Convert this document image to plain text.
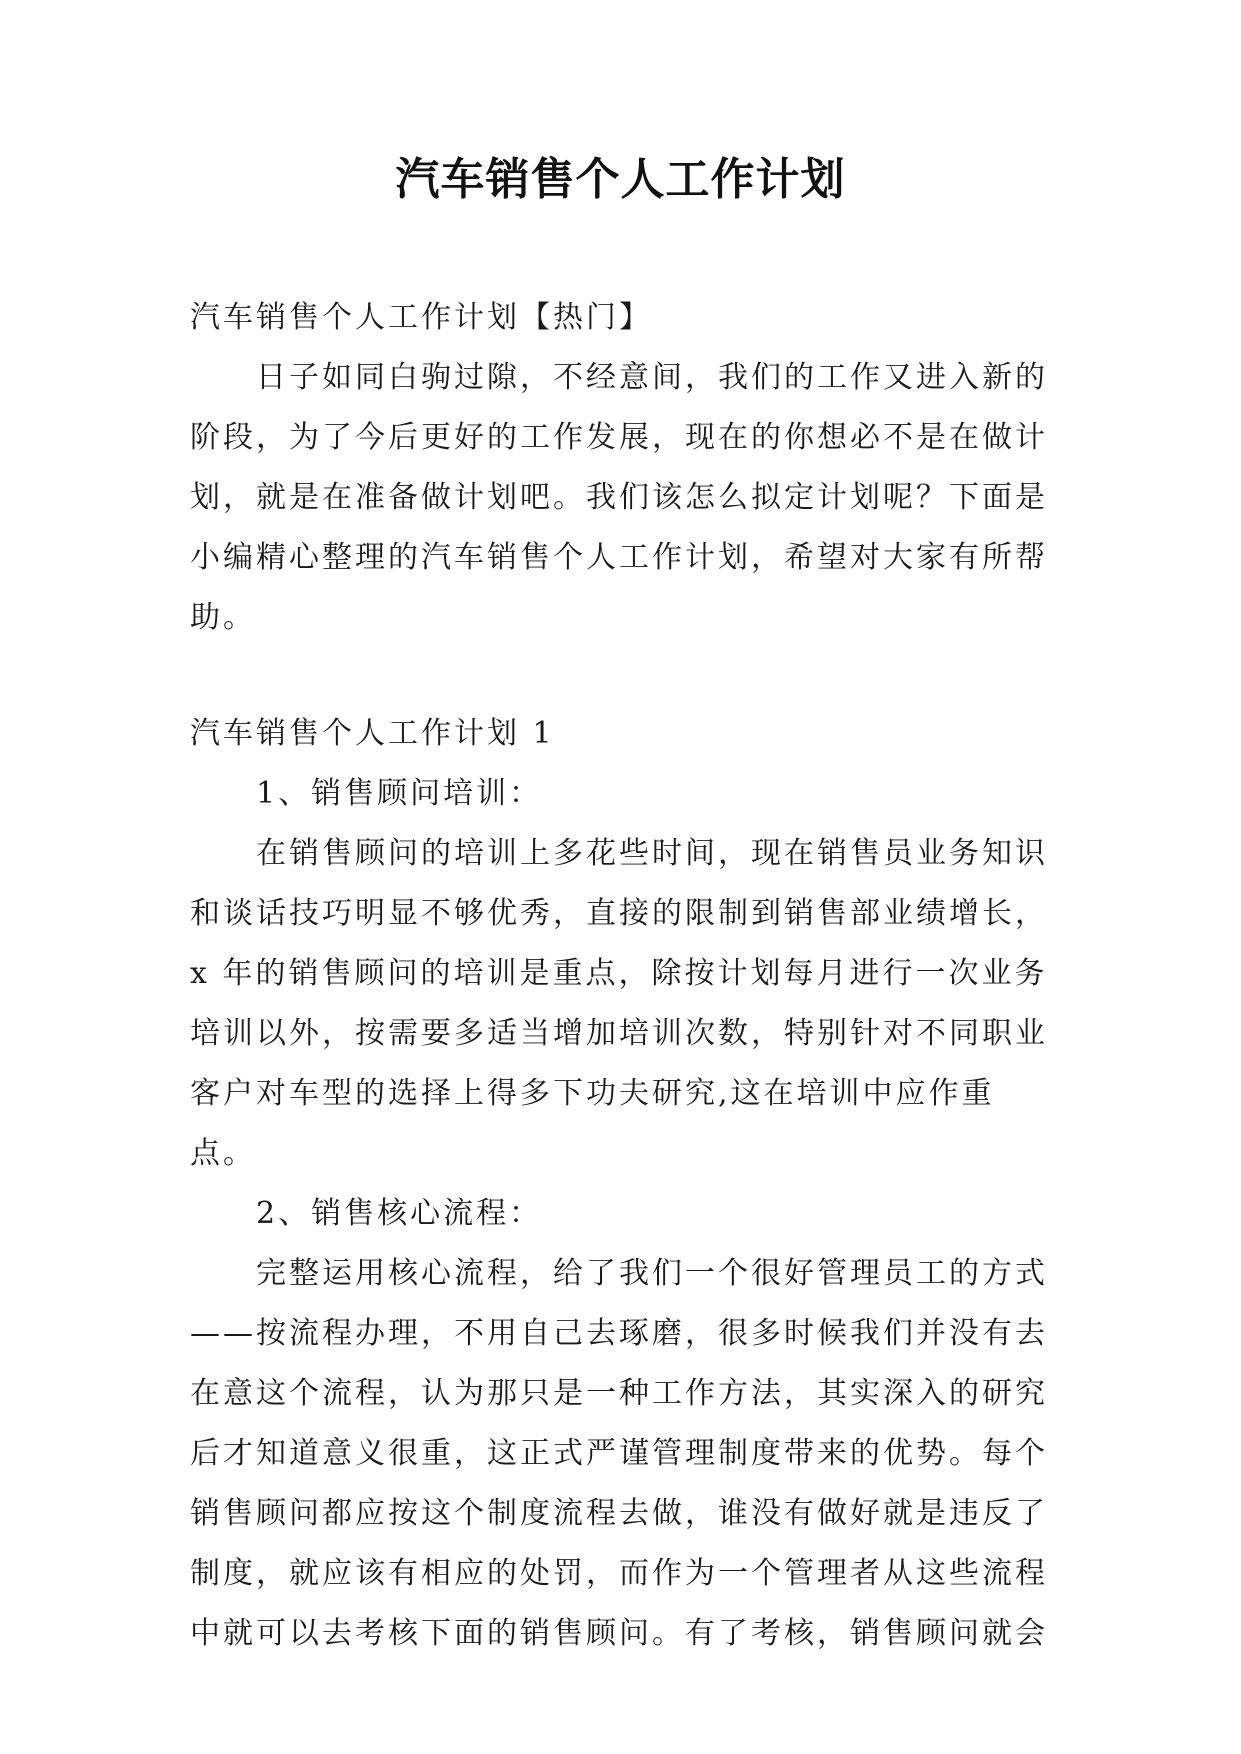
汽车销售个人工作计划

汽车销售个人工作计划【热门】

日子如同白驹过隙，不经意间，我们的工作又进入新的阶段，为了今后更好的工作发展，现在的你想必不是在做计划，就是在准备做计划吧。我们该怎么拟定计划呢？下面是小编精心整理的汽车销售个人工作计划，希望对大家有所帮助。

汽车销售个人工作计划 1

1、销售顾问培训：

在销售顾问的培训上多花些时间，现在销售员业务知识和谈话技巧明显不够优秀，直接的限制到销售部业绩增长，x 年的销售顾问的培训是重点，除按计划每月进行一次业务培训以外，按需要多适当增加培训次数，特别针对不同职业客户对车型的选择上得多下功夫研究,这在培训中应作重点。

2、销售核心流程：

完整运用核心流程，给了我们一个很好管理员工的方式——按流程办理，不用自己去琢磨，很多时候我们并没有去在意这个流程，认为那只是一种工作方法，其实深入的研究后才知道意义很重，这正式严谨管理制度带来的优势。每个销售顾问都应按这个制度流程去做，谁没有做好就是违反了制度，就应该有相应的处罚，而作为一个管理者从这些流程中就可以去考核下面的销售顾问。有了考核，销售顾问就会
